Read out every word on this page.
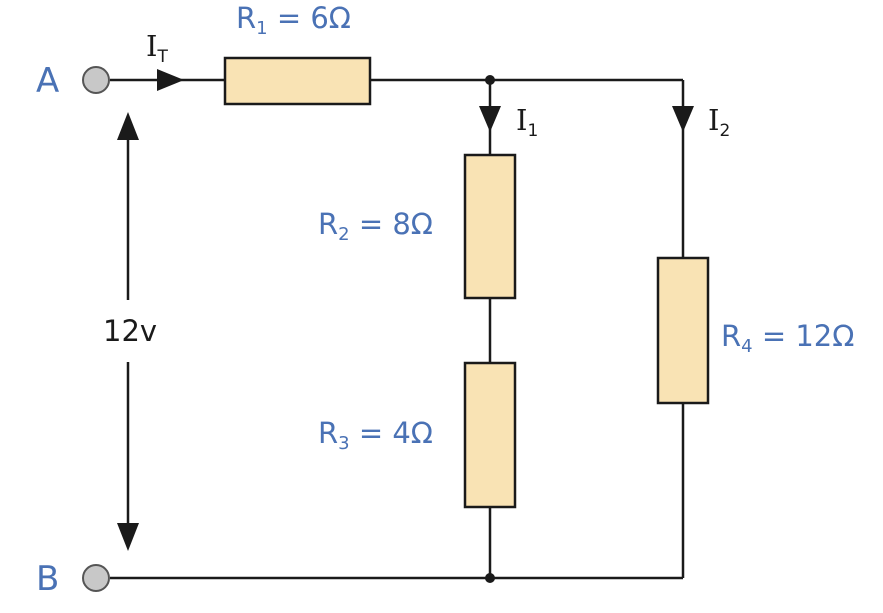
A
B
12v
IT
I1	I2
R1 = 6Ω
R2 = 8Ω
R3 = 4Ω
R4 = 12Ω
